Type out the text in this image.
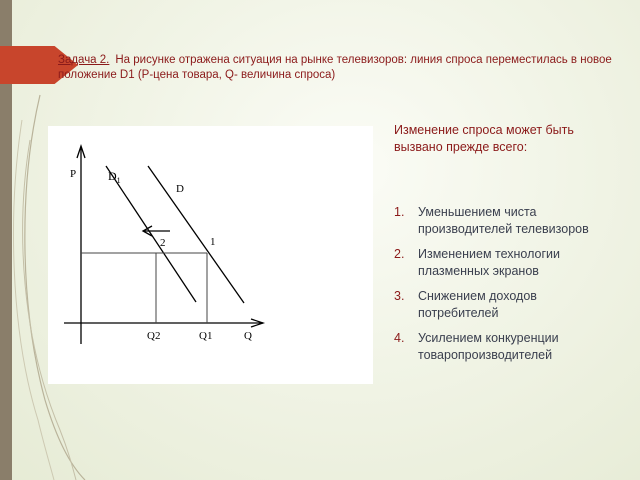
Задача 2. На рисунке отражена ситуация на рынке телевизоров: линия спроса переместилась в новое положение D1 (P-цена товара, Q- величина спроса)
P
Q
$D_1$
D
2	1
Q2	Q1
Изменение спроса может быть вызвано прежде всего:
1. Уменьшением чиста производителей телевизоров
2. Изменением технологии плазменных экранов
3. Снижением доходов потребителей
4. Усилением конкуренции товаропроизводителей
